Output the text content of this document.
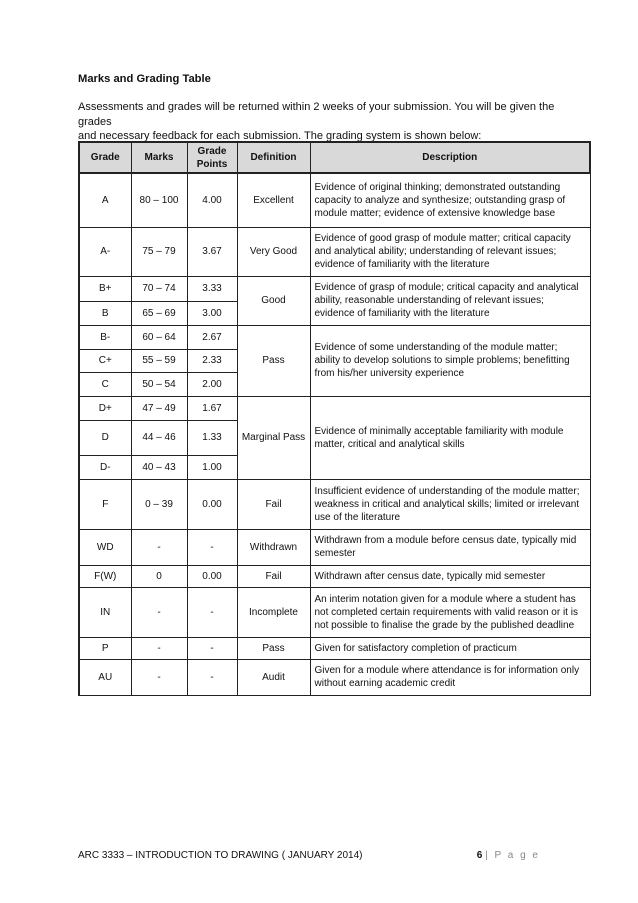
Marks and Grading Table
Assessments and grades will be returned within 2 weeks of your submission. You will be given the grades
and necessary feedback for each submission. The grading system is shown below:
Grade	Marks	Grade Points	Definition	Description
A	80 – 100	4.00	Excellent	Evidence of original thinking; demonstrated outstanding capacity to analyze and synthesize; outstanding grasp of module matter; evidence of extensive knowledge base
A-	75 – 79	3.67	Very Good	Evidence of good grasp of module matter; critical capacity and analytical ability; understanding of relevant issues; evidence of familiarity with the literature
B+	70 – 74	3.33	Good	Evidence of grasp of module; critical capacity and analytical ability, reasonable understanding of relevant issues; evidence of familiarity with the literature
B	65 – 69	3.00		
B-	60 – 64	2.67	Pass	Evidence of some understanding of the module matter; ability to develop solutions to simple problems; benefitting from his/her university experience
C+	55 – 59	2.33		
C	50 – 54	2.00		
D+	47 – 49	1.67	Marginal Pass	Evidence of minimally acceptable familiarity with module matter, critical and analytical skills
D	44 – 46	1.33		
D-	40 – 43	1.00		
F	0 – 39	0.00	Fail	Insufficient evidence of understanding of the module matter; weakness in critical and analytical skills; limited or irrelevant use of the literature
WD	-	-	Withdrawn	Withdrawn from a module before census date, typically mid semester
F(W)	0	0.00	Fail	Withdrawn after census date, typically mid semester
IN	-	-	Incomplete	An interim notation given for a module where a student has not completed certain requirements with valid reason or it is not possible to finalise the grade by the published deadline
P	-	-	Pass	Given for satisfactory completion of practicum
AU	-	-	Audit	Given for a module where attendance is for information only without earning academic credit
ARC 3333 – INTRODUCTION TO DRAWING ( JANUARY 2014)	6 | P a g e
